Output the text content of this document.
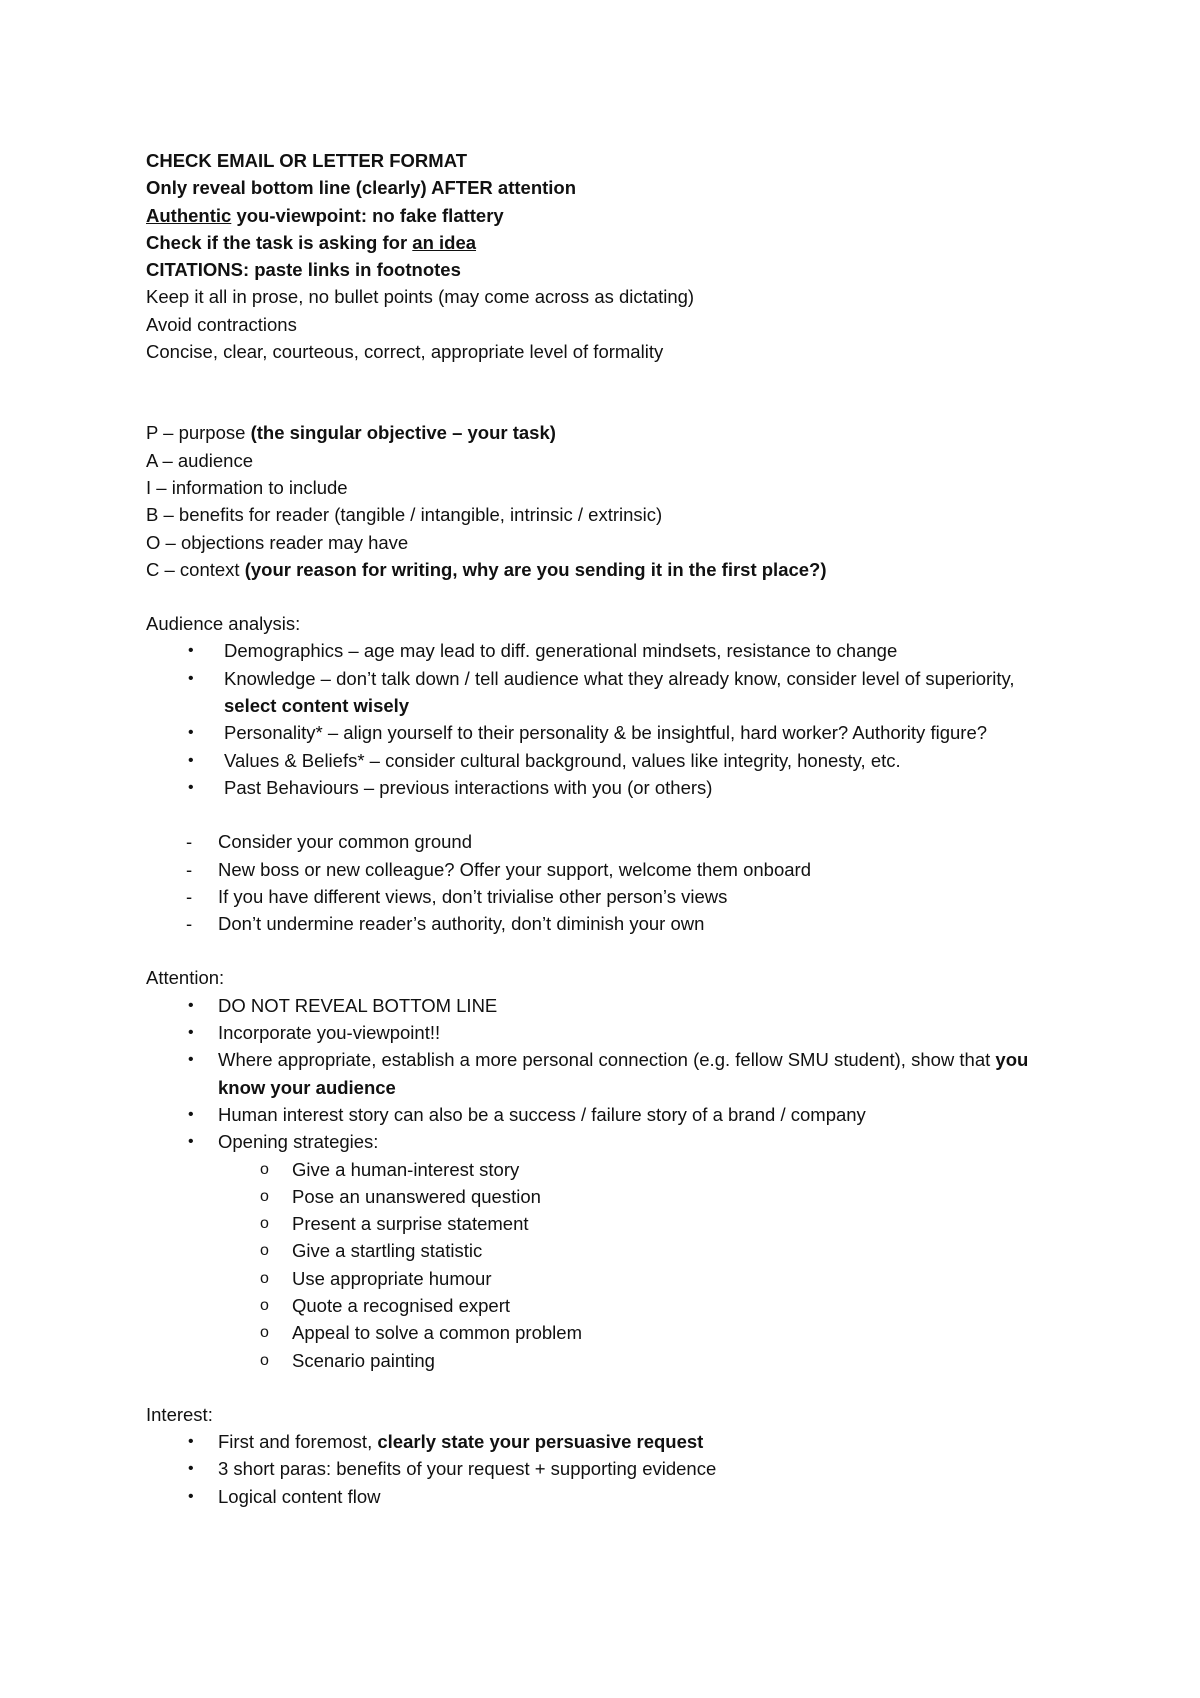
CHECK EMAIL OR LETTER FORMAT
Only reveal bottom line (clearly) AFTER attention
Authentic you-viewpoint: no fake flattery
Check if the task is asking for an idea
CITATIONS: paste links in footnotes
Keep it all in prose, no bullet points (may come across as dictating)
Avoid contractions
Concise, clear, courteous, correct, appropriate level of formality
P – purpose (the singular objective – your task)
A – audience
I – information to include
B – benefits for reader (tangible / intangible, intrinsic / extrinsic)
O – objections reader may have
C – context (your reason for writing, why are you sending it in the first place?)
Audience analysis:
• Demographics – age may lead to diff. generational mindsets, resistance to change
• Knowledge – don’t talk down / tell audience what they already know, consider level of superiority, select content wisely
• Personality* – align yourself to their personality & be insightful, hard worker? Authority figure?
• Values & Beliefs* – consider cultural background, values like integrity, honesty, etc.
• Past Behaviours – previous interactions with you (or others)
- Consider your common ground
- New boss or new colleague? Offer your support, welcome them onboard
- If you have different views, don’t trivialise other person’s views
- Don’t undermine reader’s authority, don’t diminish your own
Attention:
• DO NOT REVEAL BOTTOM LINE
• Incorporate you-viewpoint!!
• Where appropriate, establish a more personal connection (e.g. fellow SMU student), show that you know your audience
• Human interest story can also be a success / failure story of a brand / company
• Opening strategies:
o Give a human-interest story
o Pose an unanswered question
o Present a surprise statement
o Give a startling statistic
o Use appropriate humour
o Quote a recognised expert
o Appeal to solve a common problem
o Scenario painting
Interest:
• First and foremost, clearly state your persuasive request
• 3 short paras: benefits of your request + supporting evidence
• Logical content flow
